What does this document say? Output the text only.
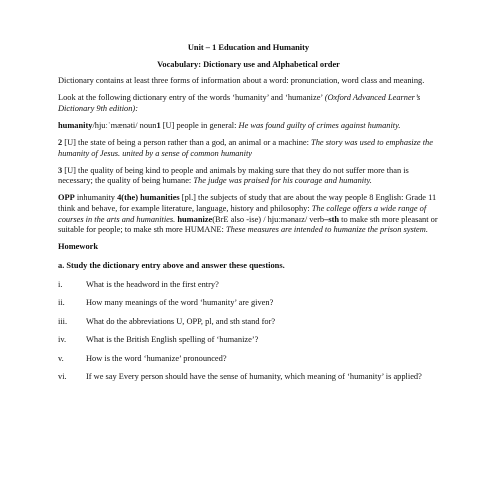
Unit – 1 Education and Humanity
Vocabulary: Dictionary use and Alphabetical order

Dictionary contains at least three forms of information about a word: pronunciation, word class and meaning.

Look at the following dictionary entry of the words ‘humanity’ and ‘humanize’ (Oxford Advanced Learner’s Dictionary 9th edition):

humanity/hjuːˈmænəti/ noun1 [U] people in general: He was found guilty of crimes against humanity.

2 [U] the state of being a person rather than a god, an animal or a machine: The story was used to emphasize the humanity of Jesus. united by a sense of common humanity

3 [U] the quality of being kind to people and animals by making sure that they do not suffer more than is necessary; the quality of being humane: The judge was praised for his courage and humanity.

OPP inhumanity 4(the) humanities [pl.] the subjects of study that are about the way people 8 English: Grade 11 think and behave, for example literature, language, history and philosophy: The college offers a wide range of courses in the arts and humanities. humanize(BrE also -ise) / hjuːmənaɪz/ verb–sth to make sth more pleasant or suitable for people; to make sth more HUMANE: These measures are intended to humanize the prison system.

Homework
a. Study the dictionary entry above and answer these questions.
i.	What is the headword in the first entry?
ii.	How many meanings of the word ‘humanity’ are given?
iii. What do the abbreviations U, OPP, pl, and sth stand for?
iv. What is the British English spelling of ‘humanize’?
v.	How is the word ‘humanize’ pronounced?
vi. If we say Every person should have the sense of humanity, which meaning of ‘humanity’ is applied?
